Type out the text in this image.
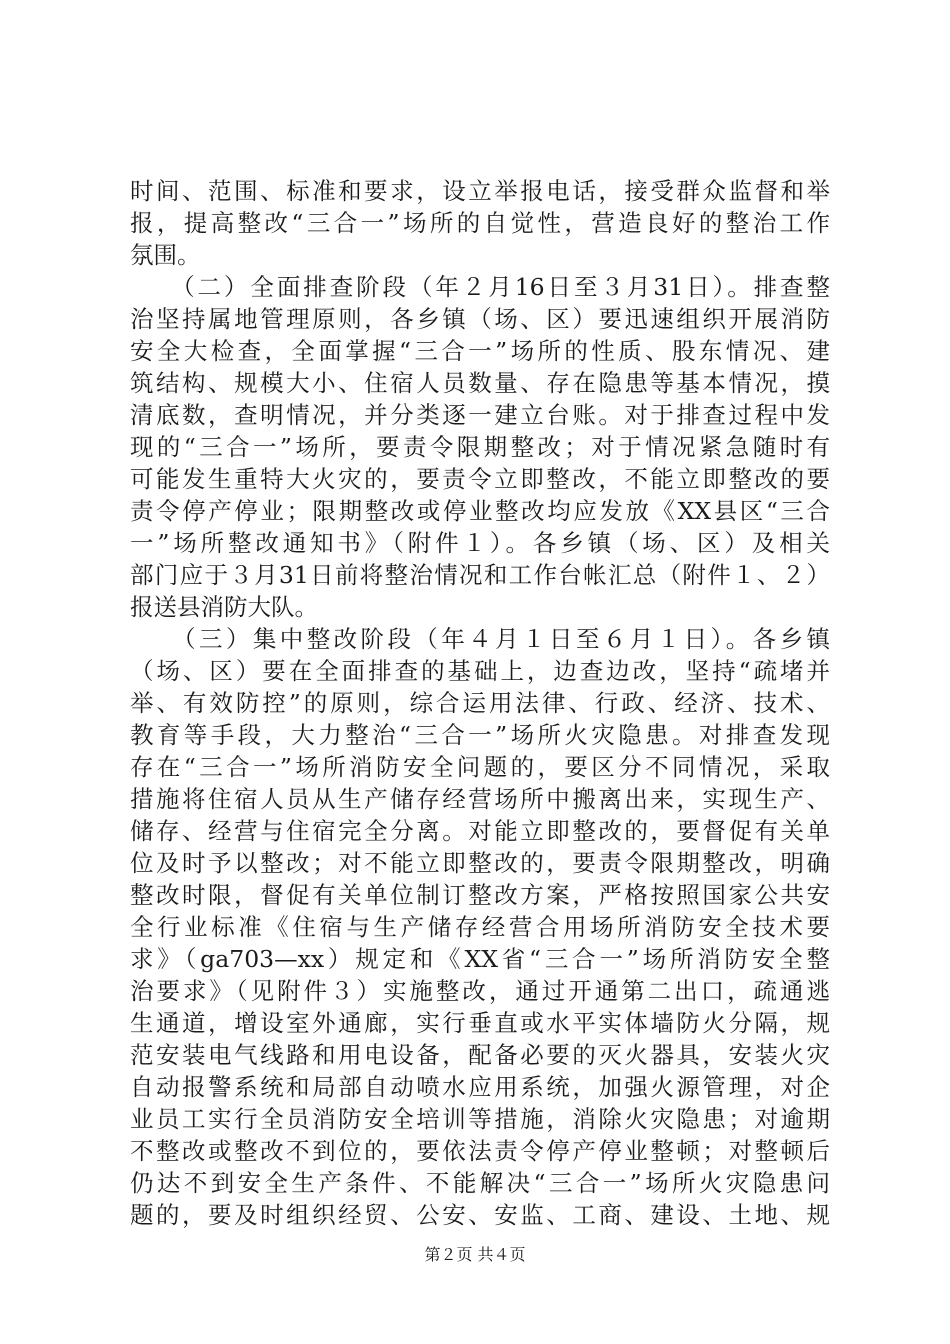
时间、范围、标准和要求，设立举报电话，接受群众监督和举
报，提高整改“三合一”场所的自觉性，营造良好的整治工作
氛围。
　　（二）全面排查阶段（年２月16日至３月31日）。排查整
治坚持属地管理原则，各乡镇（场、区）要迅速组织开展消防
安全大检查，全面掌握“三合一”场所的性质、股东情况、建
筑结构、规模大小、住宿人员数量、存在隐患等基本情况，摸
清底数，查明情况，并分类逐一建立台账。对于排查过程中发
现的“三合一”场所，要责令限期整改；对于情况紧急随时有
可能发生重特大火灾的，要责令立即整改，不能立即整改的要
责令停产停业；限期整改或停业整改均应发放《XX县区“三合
一”场所整改通知书》（附件１）。各乡镇（场、区）及相关
部门应于３月31日前将整治情况和工作台帐汇总（附件１、２）
报送县消防大队。
　　（三）集中整改阶段（年４月１日至６月１日）。各乡镇
（场、区）要在全面排查的基础上，边查边改，坚持“疏堵并
举、有效防控”的原则，综合运用法律、行政、经济、技术、
教育等手段，大力整治“三合一”场所火灾隐患。对排查发现
存在“三合一”场所消防安全问题的，要区分不同情况，采取
措施将住宿人员从生产储存经营场所中搬离出来，实现生产、
储存、经营与住宿完全分离。对能立即整改的，要督促有关单
位及时予以整改；对不能立即整改的，要责令限期整改，明确
整改时限，督促有关单位制订整改方案，严格按照国家公共安
全行业标准《住宿与生产储存经营合用场所消防安全技术要
求》（ga703—xx）规定和《XX省“三合一”场所消防安全整
治要求》（见附件３）实施整改，通过开通第二出口，疏通逃
生通道，增设室外通廊，实行垂直或水平实体墙防火分隔，规
范安装电气线路和用电设备，配备必要的灭火器具，安装火灾
自动报警系统和局部自动喷水应用系统，加强火源管理，对企
业员工实行全员消防安全培训等措施，消除火灾隐患；对逾期
不整改或整改不到位的，要依法责令停产停业整顿；对整顿后
仍达不到安全生产条件、不能解决“三合一”场所火灾隐患问
题的，要及时组织经贸、公安、安监、工商、建设、土地、规
第２页 共４页
